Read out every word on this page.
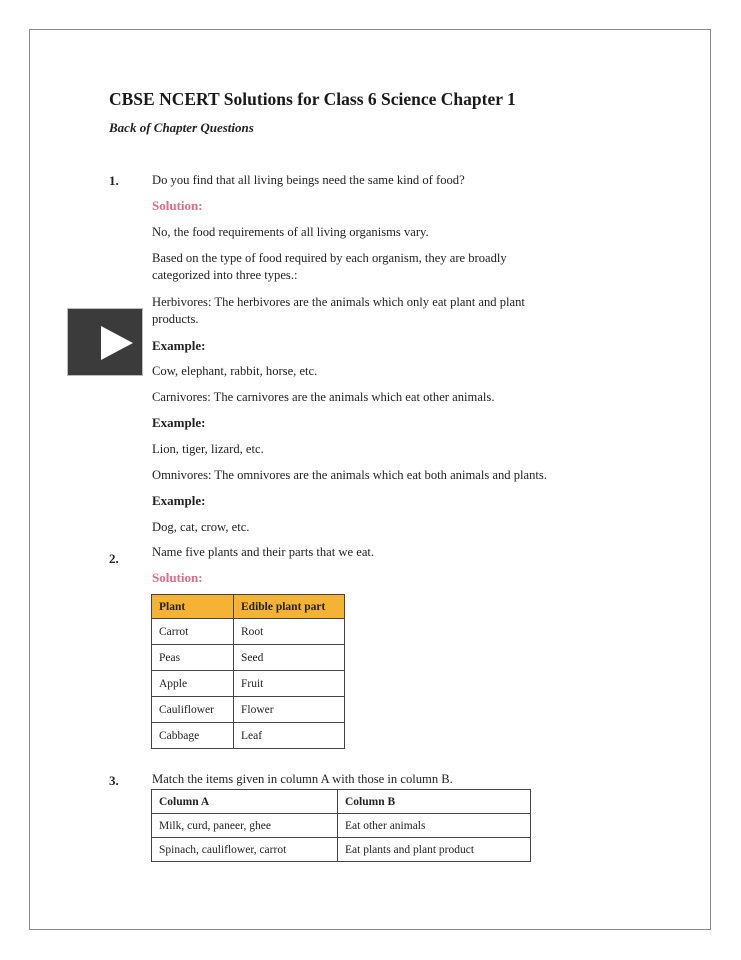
CBSE NCERT Solutions for Class 6 Science Chapter 1
Back of Chapter Questions
1.	Do you find that all living beings need the same kind of food?
Solution:
No, the food requirements of all living organisms vary.
Based on the type of food required by each organism, they are broadly
categorized into three types.:
Herbivores: The herbivores are the animals which only eat plant and plant
products.
Example:
Cow, elephant, rabbit, horse, etc.
Carnivores: The carnivores are the animals which eat other animals.
Example:
Lion, tiger, lizard, etc.
Omnivores: The omnivores are the animals which eat both animals and plants.
Example:
Dog, cat, crow, etc.
2.	Name five plants and their parts that we eat.
Solution:
Plant	Edible plant part
Carrot	Root
Peas	Seed
Apple	Fruit
Cauliflower	Flower
Cabbage	Leaf
3.	Match the items given in column A with those in column B.
Column A	Column B
Milk, curd, paneer, ghee	Eat other animals
Spinach, cauliflower, carrot	Eat plants and plant product
